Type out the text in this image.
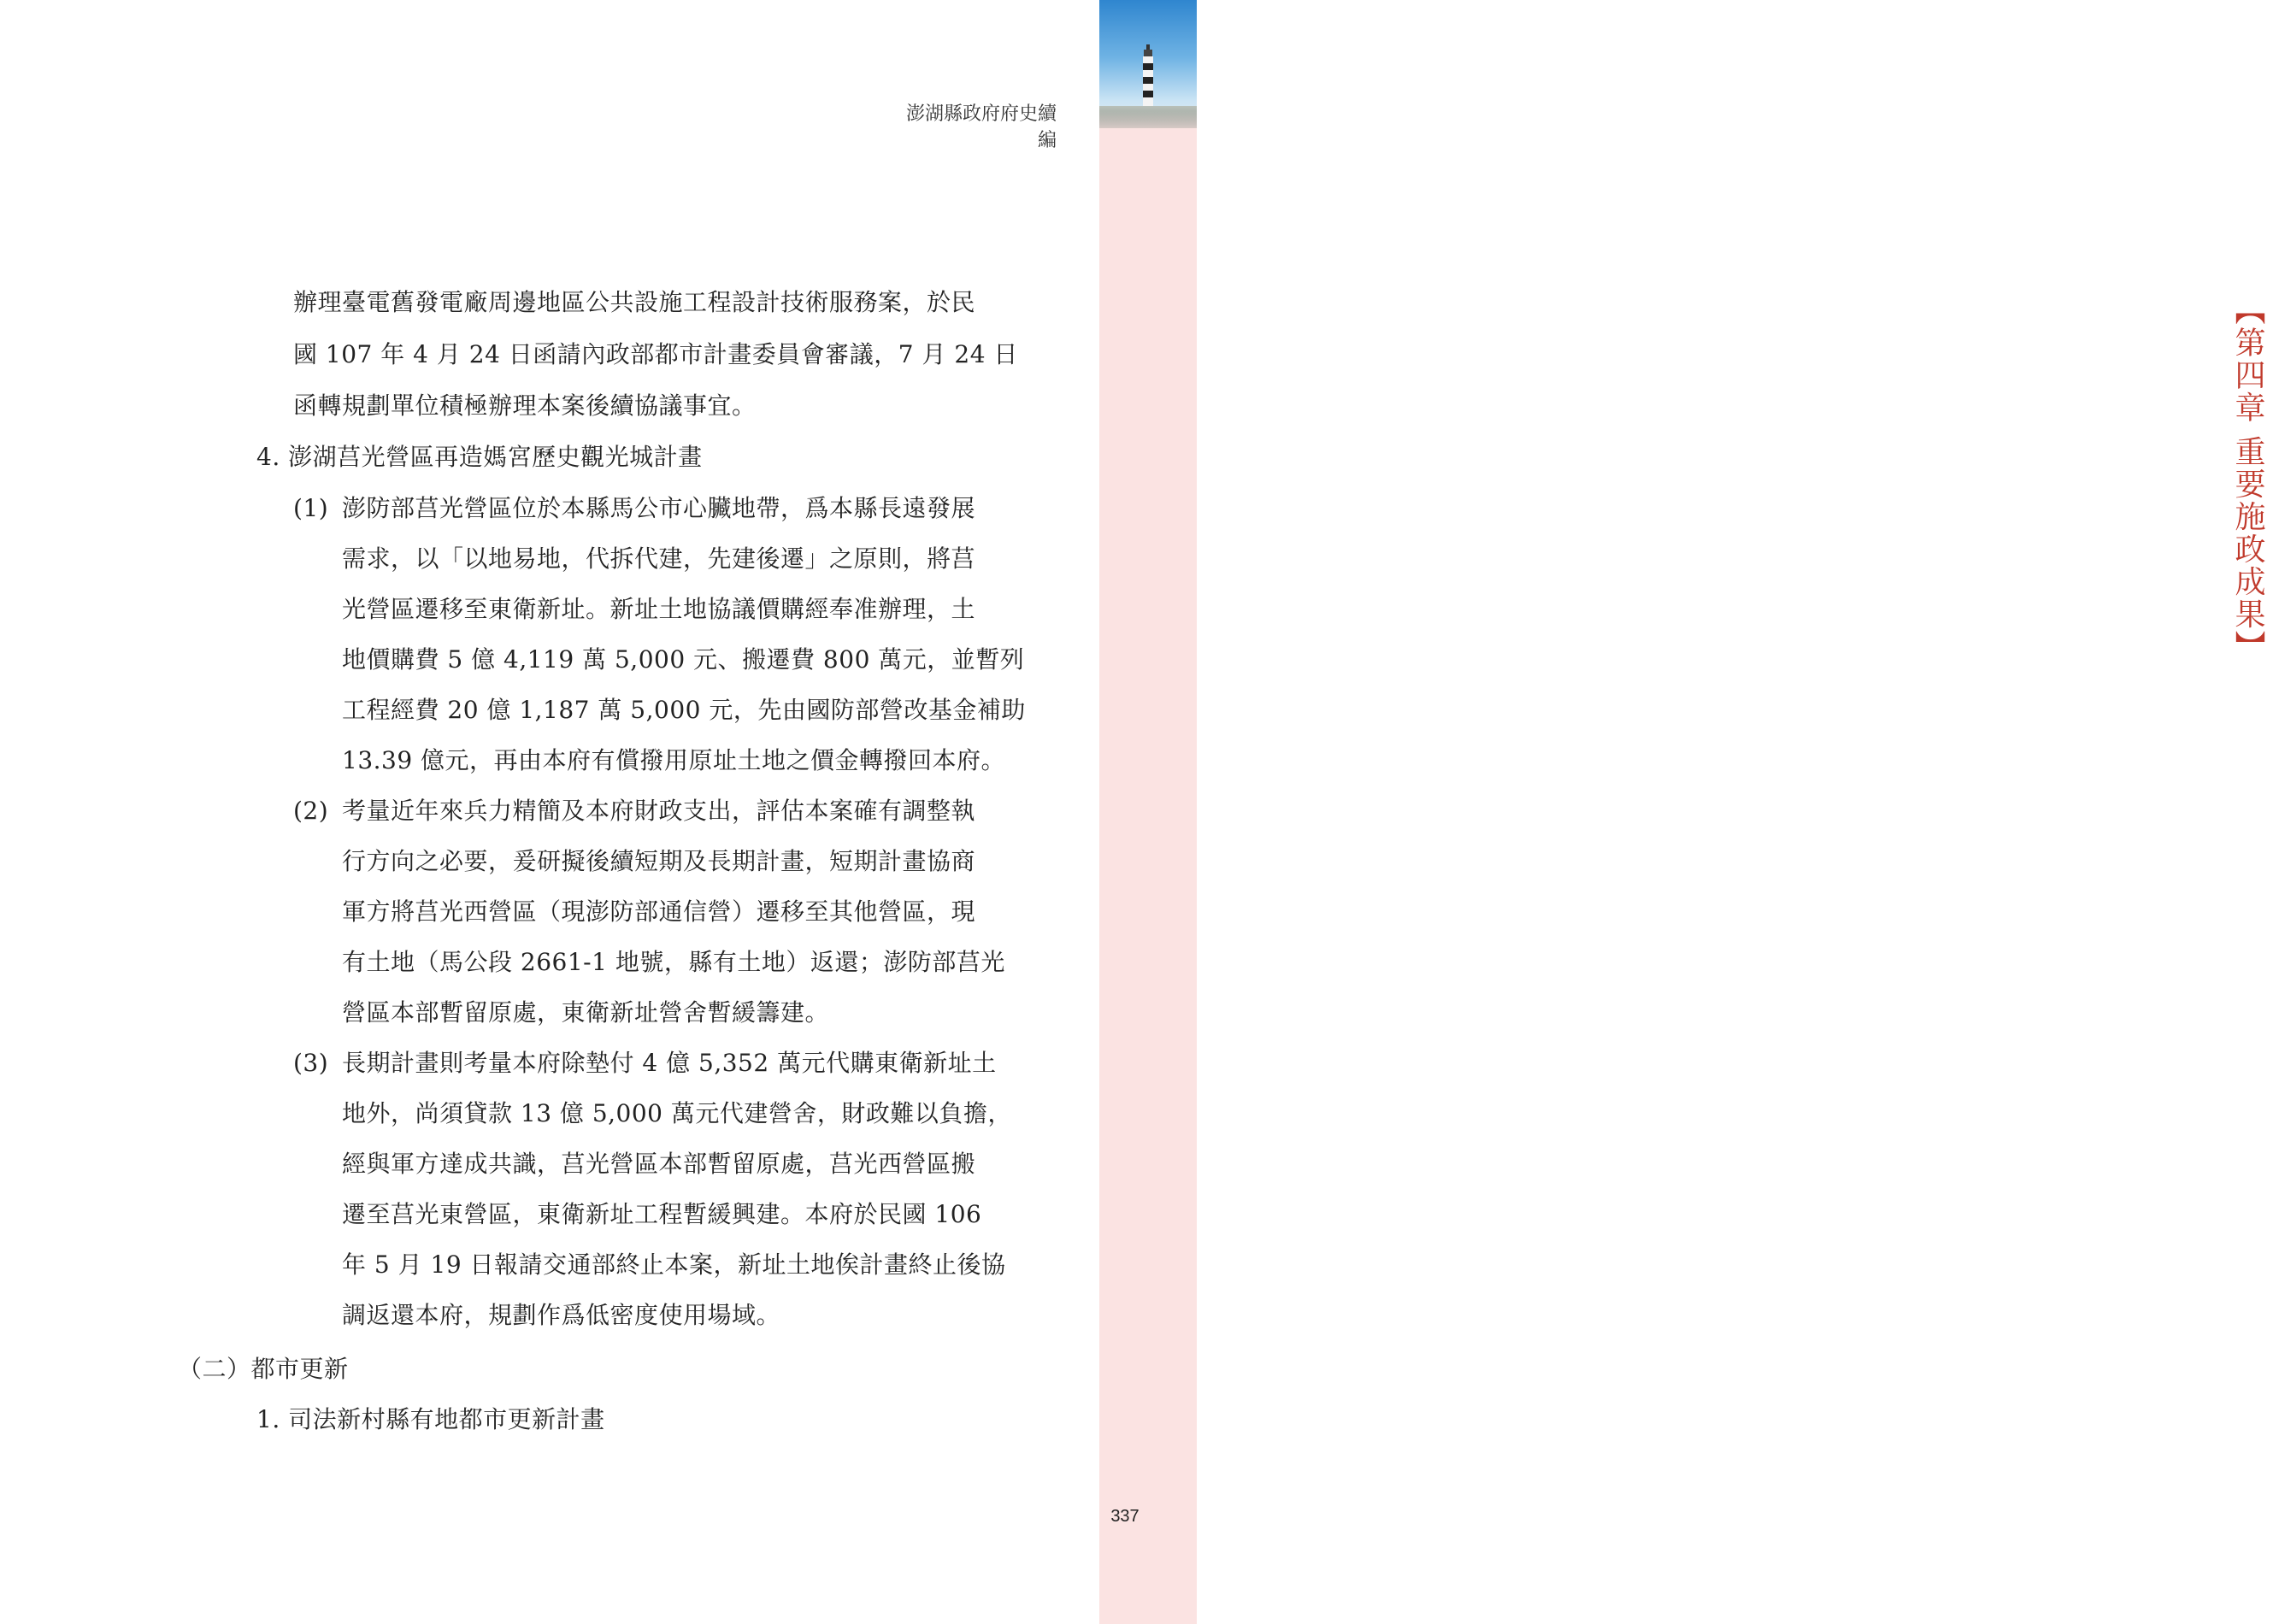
【第四章 重要施政成果】
澎湖縣政府府史續編
辦理臺電舊發電廠周邊地區公共設施工程設計技術服務案，於民
國 107 年 4 月 24 日函請內政部都市計畫委員會審議，7 月 24 日
函轉規劃單位積極辦理本案後續協議事宜。
4. 澎湖莒光營區再造媽宮歷史觀光城計畫
(1) 澎防部莒光營區位於本縣馬公市心臟地帶，爲本縣長遠發展
需求，以「以地易地，代拆代建，先建後遷」之原則，將莒
光營區遷移至東衛新址。新址土地協議價購經奉准辦理，土
地價購費 5 億 4,119 萬 5,000 元、搬遷費 800 萬元，並暫列
工程經費 20 億 1,187 萬 5,000 元，先由國防部營改基金補助
13.39 億元，再由本府有償撥用原址土地之價金轉撥回本府。
(2) 考量近年來兵力精簡及本府財政支出，評估本案確有調整執
行方向之必要，爰研擬後續短期及長期計畫，短期計畫協商
軍方將莒光西營區（現澎防部通信營）遷移至其他營區，現
有土地（馬公段 2661-1 地號，縣有土地）返還；澎防部莒光
營區本部暫留原處，東衛新址營舍暫緩籌建。
(3) 長期計畫則考量本府除墊付 4 億 5,352 萬元代購東衛新址土
地外，尚須貸款 13 億 5,000 萬元代建營舍，財政難以負擔，
經與軍方達成共識，莒光營區本部暫留原處，莒光西營區搬
遷至莒光東營區，東衛新址工程暫緩興建。本府於民國 106
年 5 月 19 日報請交通部終止本案，新址土地俟計畫終止後協
調返還本府，規劃作爲低密度使用場域。
（二）都市更新
1. 司法新村縣有地都市更新計畫
337
